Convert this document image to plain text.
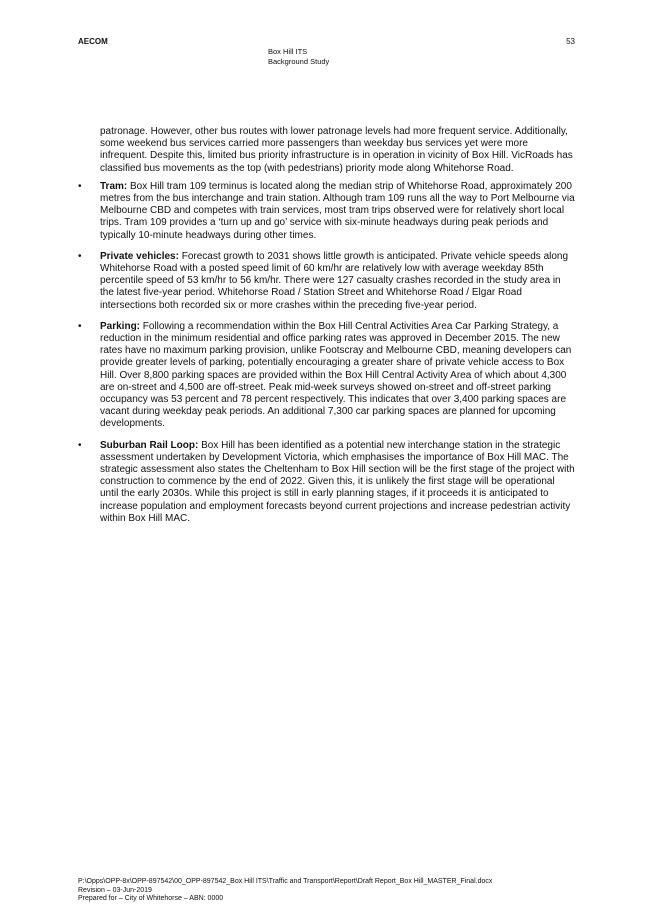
AECOM	53
Box Hill ITS
Background Study

patronage. However, other bus routes with lower patronage levels had more frequent service. Additionally, some weekend bus services carried more passengers than weekday bus services yet were more infrequent. Despite this, limited bus priority infrastructure is in operation in vicinity of Box Hill. VicRoads has classified bus movements as the top (with pedestrians) priority mode along Whitehorse Road.

• Tram: Box Hill tram 109 terminus is located along the median strip of Whitehorse Road, approximately 200 metres from the bus interchange and train station. Although tram 109 runs all the way to Port Melbourne via Melbourne CBD and competes with train services, most tram trips observed were for relatively short local trips. Tram 109 provides a ‘turn up and go’ service with six-minute headways during peak periods and typically 10-minute headways during other times.
• Private vehicles: Forecast growth to 2031 shows little growth is anticipated. Private vehicle speeds along Whitehorse Road with a posted speed limit of 60 km/hr are relatively low with average weekday 85th percentile speed of 53 km/hr to 56 km/hr. There were 127 casualty crashes recorded in the study area in the latest five-year period. Whitehorse Road / Station Street and Whitehorse Road / Elgar Road intersections both recorded six or more crashes within the preceding five-year period.
• Parking: Following a recommendation within the Box Hill Central Activities Area Car Parking Strategy, a reduction in the minimum residential and office parking rates was approved in December 2015. The new rates have no maximum parking provision, unlike Footscray and Melbourne CBD, meaning developers can provide greater levels of parking, potentially encouraging a greater share of private vehicle access to Box Hill. Over 8,800 parking spaces are provided within the Box Hill Central Activity Area of which about 4,300 are on-street and 4,500 are off-street. Peak mid-week surveys showed on-street and off-street parking occupancy was 53 percent and 78 percent respectively. This indicates that over 3,400 parking spaces are vacant during weekday peak periods. An additional 7,300 car parking spaces are planned for upcoming developments.
• Suburban Rail Loop: Box Hill has been identified as a potential new interchange station in the strategic assessment undertaken by Development Victoria, which emphasises the importance of Box Hill MAC. The strategic assessment also states the Cheltenham to Box Hill section will be the first stage of the project with construction to commence by the end of 2022. Given this, it is unlikely the first stage will be operational until the early 2030s. While this project is still in early planning stages, if it proceeds it is anticipated to increase population and employment forecasts beyond current projections and increase pedestrian activity within Box Hill MAC.
P:\Opps\OPP-8x\OPP-897542\00_OPP-897542_Box Hill ITS\Traffic and Transport\Report\Draft Report_Box Hill_MASTER_Final.docx
Revision – 03-Jun-2019
Prepared for – City of Whitehorse – ABN: 0000
